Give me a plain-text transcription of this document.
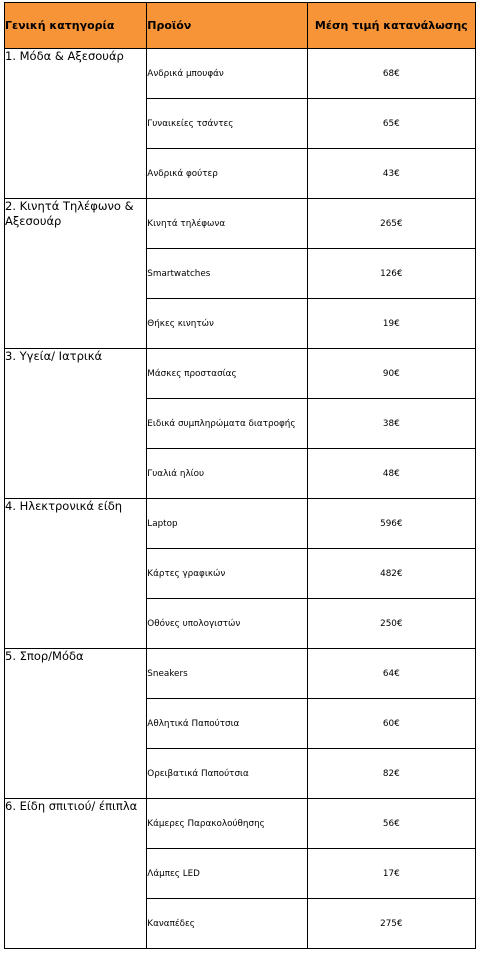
Γενική κατηγορία	Προϊόν	Μέση τιμή κατανάλωσης
1. Μόδα & Αξεσουάρ	Ανδρικά μπουφάν	68€
	Γυναικείες τσάντες	65€
	Ανδρικά φούτερ	43€
2. Κινητά Τηλέφωνο & Αξεσουάρ	Κινητά τηλέφωνα	265€
	Smartwatches	126€
	Θήκες κινητών	19€
3. Υγεία/ Ιατρικά	Μάσκες προστασίας	90€
	Ειδικά συμπληρώματα διατροφής	38€
	Γυαλιά ηλίου	48€
4. Ηλεκτρονικά είδη	Laptop	596€
	Κάρτες γραφικών	482€
	Οθόνες υπολογιστών	250€
5. Σπορ/Μόδα	Sneakers	64€
	Αθλητικά Παπούτσια	60€
	Ορειβατικά Παπούτσια	82€
6. Είδη σπιτιού/ έπιπλα	Κάμερες Παρακολούθησης	56€
	Λάμπες LED	17€
	Καναπέδες	275€
